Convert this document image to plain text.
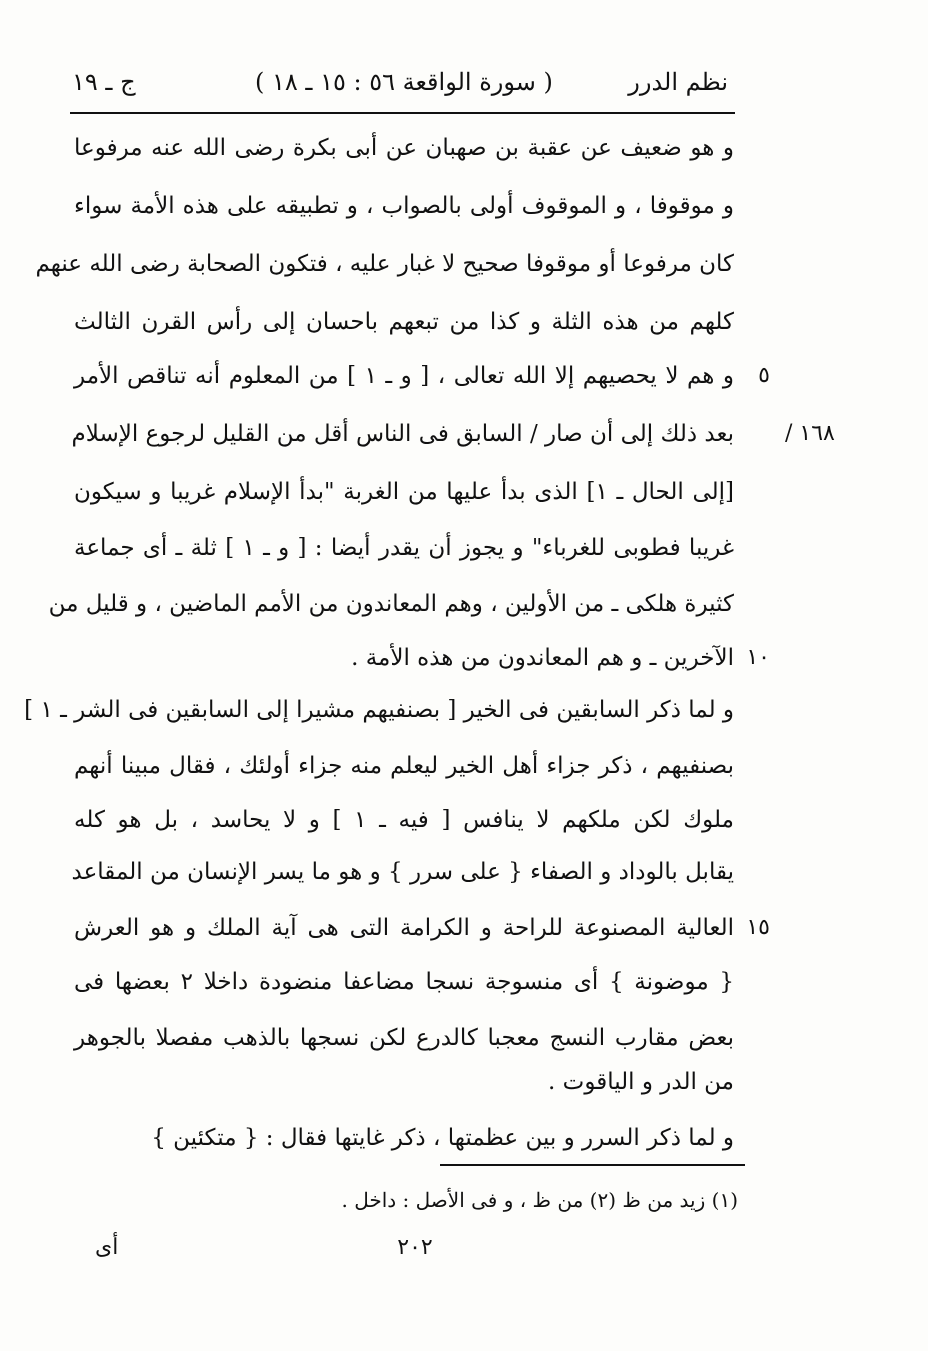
نظم الدرر
( سورة الواقعة ٥٦ : ١٥ ـ ١٨ )
ج ـ ١٩
و هو ضعيف عن عقبة بن صهبان عن أبى بكرة رضى الله عنه مرفوعا
و موقوفا ، و الموقوف أولى بالصواب ، و تطبيقه على هذه الأمة سواء
كان مرفوعا أو موقوفا صحيح لا غبار عليه ، فتكون الصحابة رضى الله عنهم
كلهم من هذه الثلة و كذا من تبعهم باحسان إلى رأس القرن الثالث
و هم لا يحصيهم إلا الله تعالى ، [ و ـ ١ ] من المعلوم أنه تناقص الأمر
بعد ذلك إلى أن صار / السابق فى الناس أقل من القليل لرجوع الإسلام
[إلى الحال ـ ١] الذى بدأ عليها من الغربة "بدأ الإسلام غريبا و سيكون
غريبا فطوبى للغرباء" و يجوز أن يقدر أيضا : [ و ـ ١ ] ثلة ـ أى جماعة
كثيرة هلكى ـ من الأولين ، وهم المعاندون من الأمم الماضين ، و قليل من
الآخرين ـ و هم المعاندون من هذه الأمة .
و لما ذكر السابقين فى الخير [ بصنفيهم مشيرا إلى السابقين فى الشر ـ ١ ]
بصنفيهم ، ذكر جزاء أهل الخير ليعلم منه جزاء أولئك ، فقال مبينا أنهم
ملوك لكن ملكهم لا ينافس [ فيه ـ ١ ] و لا يحاسد ، بل هو كله
يقابل بالوداد و الصفاء { على سرر } و هو ما يسر الإنسان من المقاعد
العالية المصنوعة للراحة و الكرامة التى هى آية الملك و هو العرش
{ موضونة } أى منسوجة نسجا مضاعفا منضودة داخلا ٢ بعضها فى
بعض مقارب النسج معجبا كالدرع لكن نسجها بالذهب مفصلا بالجوهر
من الدر و الياقوت .
و لما ذكر السرر و بين عظمتها ، ذكر غايتها فقال : { متكئين }
٥
١٠
١٥
١٦٨ /
(١) زيد من ظ (٢) من ظ ، و فى الأصل : داخل .
٢٠٢
أى
